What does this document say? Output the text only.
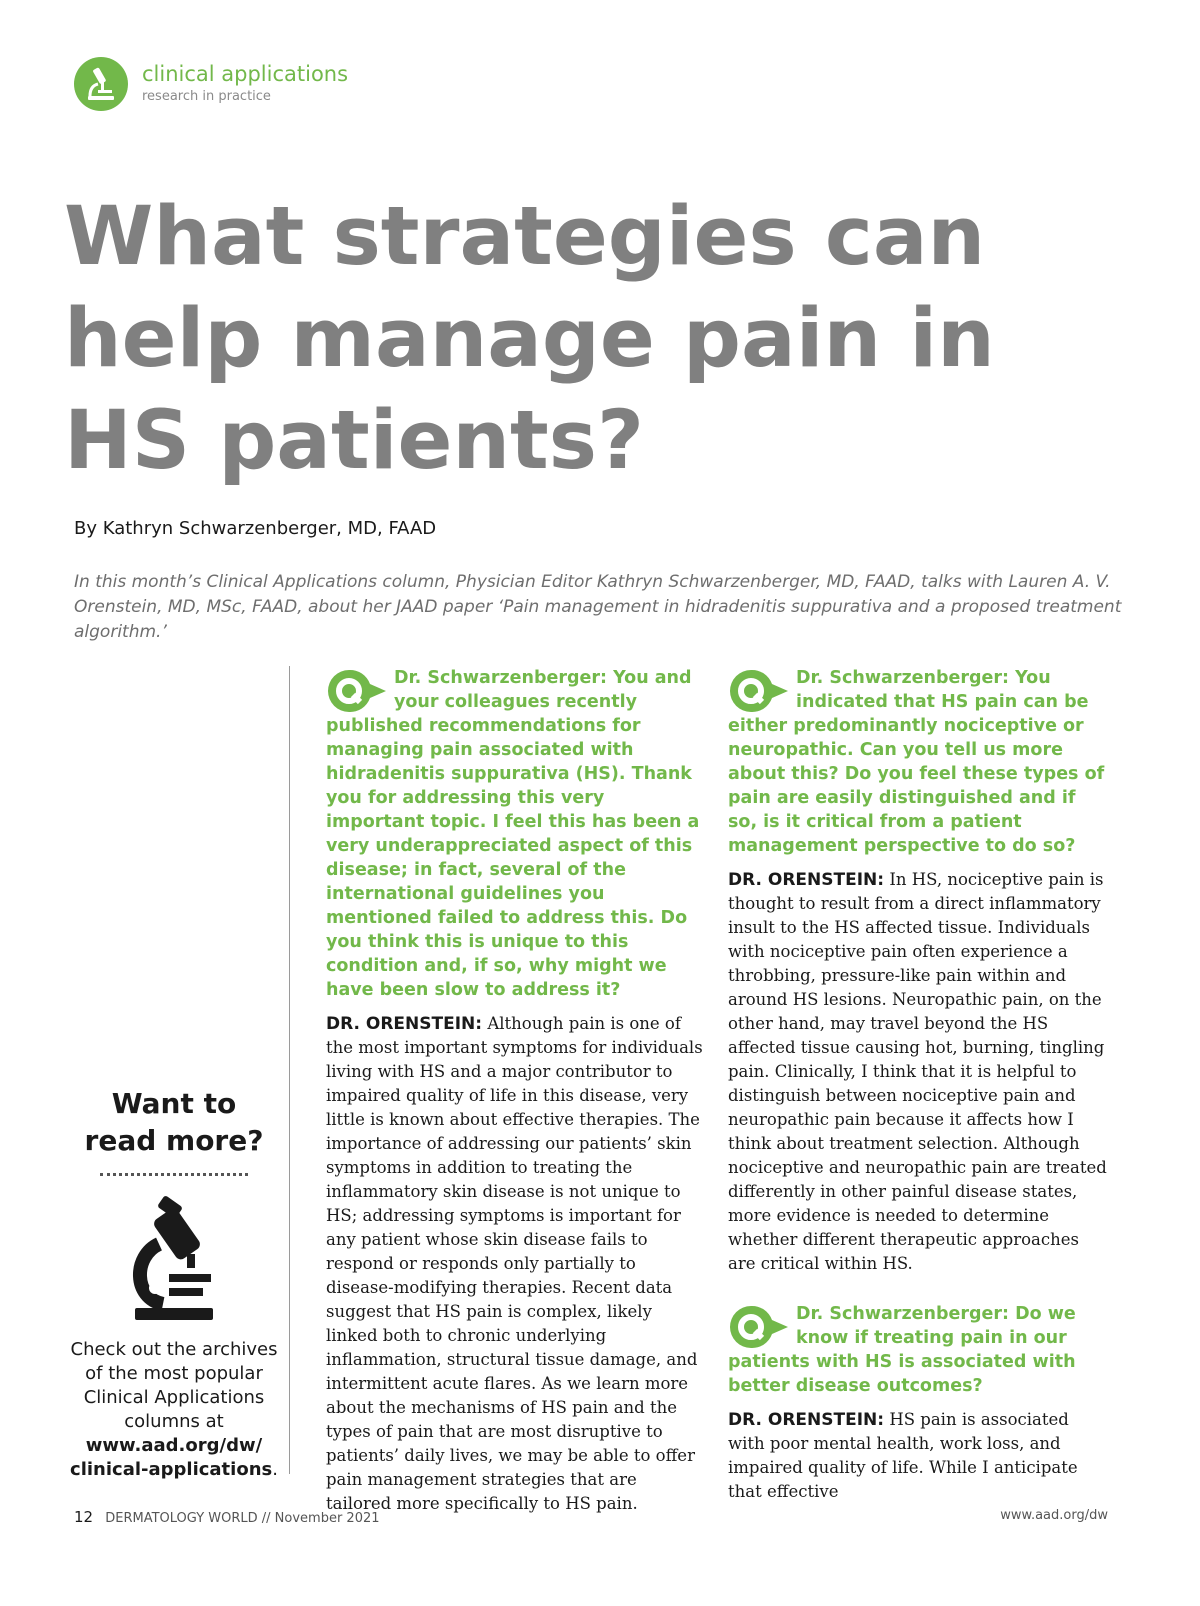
clinical applications
research in practice
What strategies can
help manage pain in
HS patients?
By Kathryn Schwarzenberger, MD, FAAD

In this month’s Clinical Applications column, Physician Editor Kathryn Schwarzenberger, MD, FAAD, talks with Lauren A. V. Orenstein, MD, MSc, FAAD, about her JAAD paper ‘Pain management in hidradenitis suppurativa and a proposed treatment algorithm.’

Want to
read more?

Check out the archives of the most popular Clinical Applications columns at www.aad.org/dw/ clinical-applications.

Dr. Schwarzenberger: You and your colleagues recently published recommendations for managing pain associated with hidradenitis suppurativa (HS). Thank you for addressing this very important topic. I feel this has been a very underappreciated aspect of this disease; in fact, several of the international guidelines you mentioned failed to address this. Do you think this is unique to this condition and, if so, why might we have been slow to address it?

DR. ORENSTEIN: Although pain is one of the most important symptoms for individuals living with HS and a major contributor to impaired quality of life in this disease, very little is known about effective therapies. The importance of addressing our patients’ skin symptoms in addition to treating the inflammatory skin disease is not unique to HS; addressing symptoms is important for any patient whose skin disease fails to respond or responds only partially to disease-modifying therapies. Recent data suggest that HS pain is complex, likely linked both to chronic underlying inflammation, structural tissue damage, and intermittent acute flares. As we learn more about the mechanisms of HS pain and the types of pain that are most disruptive to patients’ daily lives, we may be able to offer pain management strategies that are tailored more specifically to HS pain.

Dr. Schwarzenberger: You indicated that HS pain can be either predominantly nociceptive or neuropathic. Can you tell us more about this? Do you feel these types of pain are easily distinguished and if so, is it critical from a patient management perspective to do so?

DR. ORENSTEIN: In HS, nociceptive pain is thought to result from a direct inflammatory insult to the HS affected tissue. Individuals with nociceptive pain often experience a throbbing, pressure-like pain within and around HS lesions. Neuropathic pain, on the other hand, may travel beyond the HS affected tissue causing hot, burning, tingling pain. Clinically, I think that it is helpful to distinguish between nociceptive pain and neuropathic pain because it affects how I think about treatment selection. Although nociceptive and neuropathic pain are treated differently in other painful disease states, more evidence is needed to determine whether different therapeutic approaches are critical within HS.

Dr. Schwarzenberger: Do we know if treating pain in our patients with HS is associated with better disease outcomes?

DR. ORENSTEIN: HS pain is associated with poor mental health, work loss, and impaired quality of life. While I anticipate that effective

12 DERMATOLOGY WORLD // November 2021	www.aad.org/dw
